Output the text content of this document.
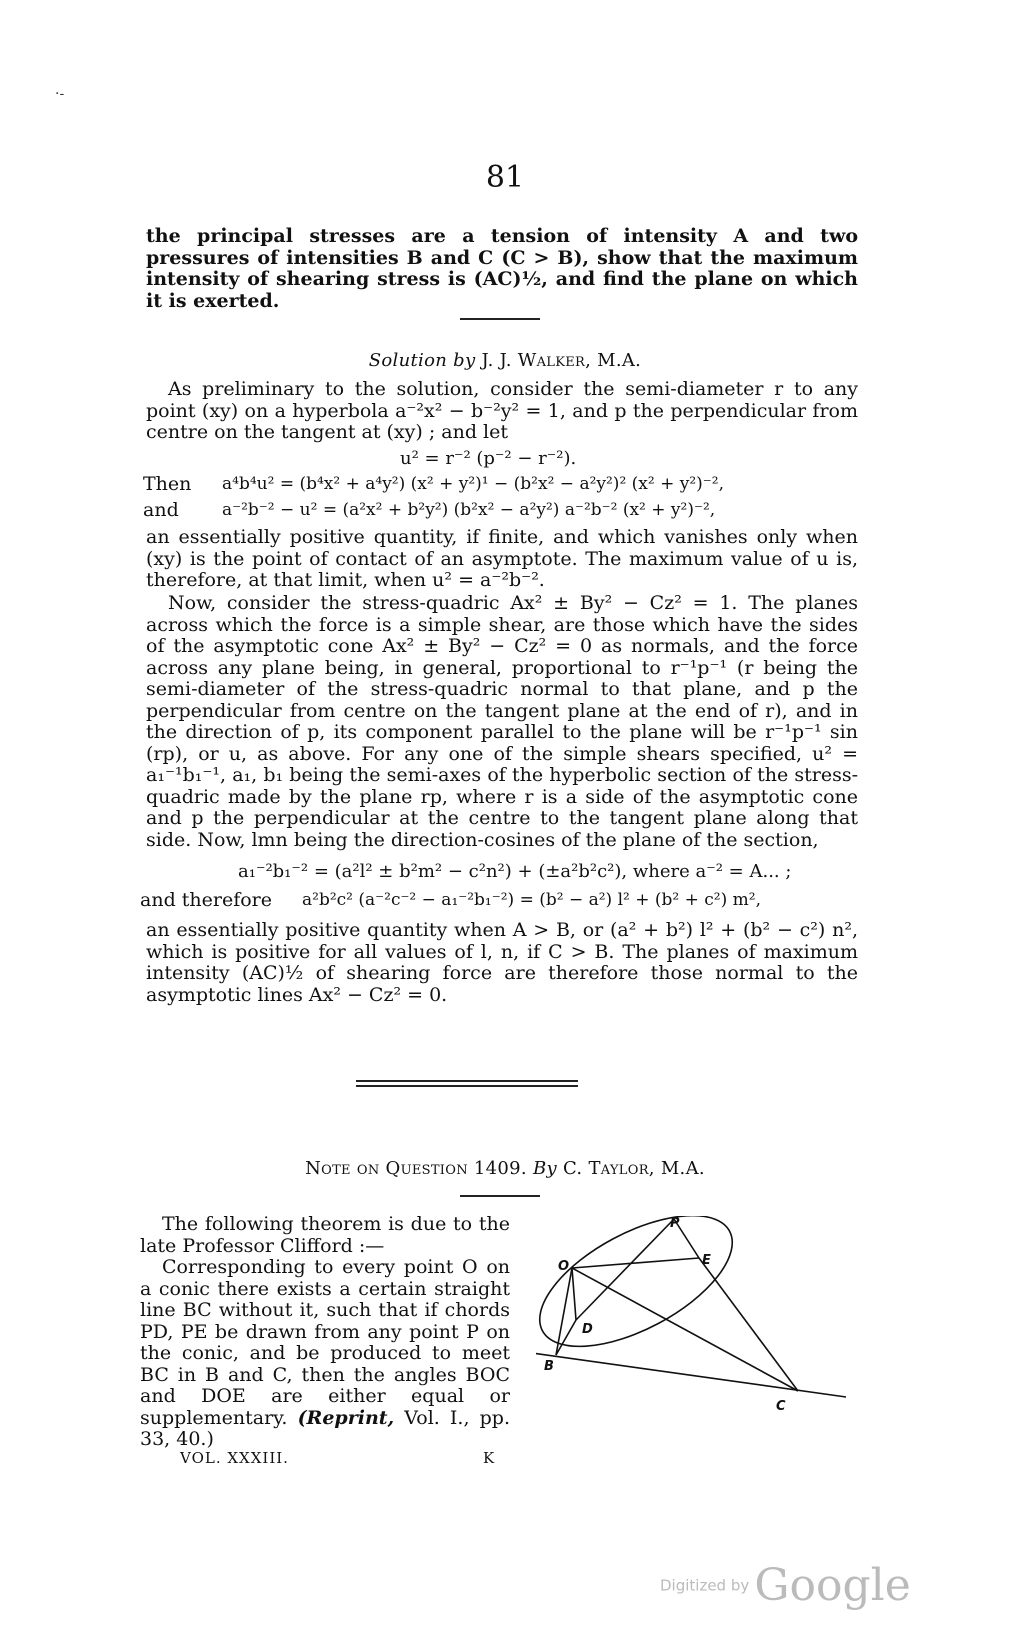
·-
81
the principal stresses are a tension of intensity A and two pressures of intensities B and C (C > B), show that the maximum intensity of shearing stress is (AC)½, and find the plane on which it is exerted.
Solution by J. J. Walker, M.A.
As preliminary to the solution, consider the semi-diameter r to any point (xy) on a hyperbola a⁻²x² − b⁻²y² = 1, and p the perpendicular from centre on the tangent at (xy) ; and let
u² = r⁻² (p⁻² − r⁻²).
Then a⁴b⁴u² = (b⁴x² + a⁴y²) (x² + y²)¹ − (b²x² − a²y²)² (x² + y²)⁻²,
and	a⁻²b⁻² − u² = (a²x² + b²y²) (b²x² − a²y²) a⁻²b⁻² (x² + y²)⁻²,
an essentially positive quantity, if finite, and which vanishes only when (xy) is the point of contact of an asymptote. The maximum value of u is, therefore, at that limit, when u² = a⁻²b⁻².
Now, consider the stress-quadric Ax² ± By² − Cz² = 1. The planes across which the force is a simple shear, are those which have the sides of the asymptotic cone Ax² ± By² − Cz² = 0 as normals, and the force across any plane being, in general, proportional to r⁻¹p⁻¹ (r being the semi-diameter of the stress-quadric normal to that plane, and p the perpendicular from centre on the tangent plane at the end of r), and in the direction of p, its component parallel to the plane will be r⁻¹p⁻¹ sin (rp), or u, as above. For any one of the simple shears specified, u² = a₁⁻¹b₁⁻¹, a₁, b₁ being the semi-axes of the hyperbolic section of the stress-quadric made by the plane rp, where r is a side of the asymptotic cone and p the perpendicular at the centre to the tangent plane along that side. Now, lmn being the direction-cosines of the plane of the section,
a₁⁻²b₁⁻² = (a²l² ± b²m² − c²n²) + (±a²b²c²), where a⁻² = A... ;
and therefore a²b²c² (a⁻²c⁻² − a₁⁻²b₁⁻²) = (b² − a²) l² + (b² + c²) m²,
an essentially positive quantity when A > B, or (a² + b²) l² + (b² − c²) n², which is positive for all values of l, n, if C > B. The planes of maximum intensity (AC)½ of shearing force are therefore those normal to the asymptotic lines Ax² − Cz² = 0.
Note on Question 1409. By C. Taylor, M.A.
The following theorem is due to the late Professor Clifford :—
Corresponding to every point O on a conic there exists a certain straight line BC without it, such that if chords PD, PE be drawn from any point P on the conic, and be produced to meet BC in B and C, then the angles BOC and DOE are either equal or supplementary. (Reprint, Vol. I., pp. 33, 40.)
P
O	E
D
B
C
VOL. XXXIII.	K
Digitized by Google
